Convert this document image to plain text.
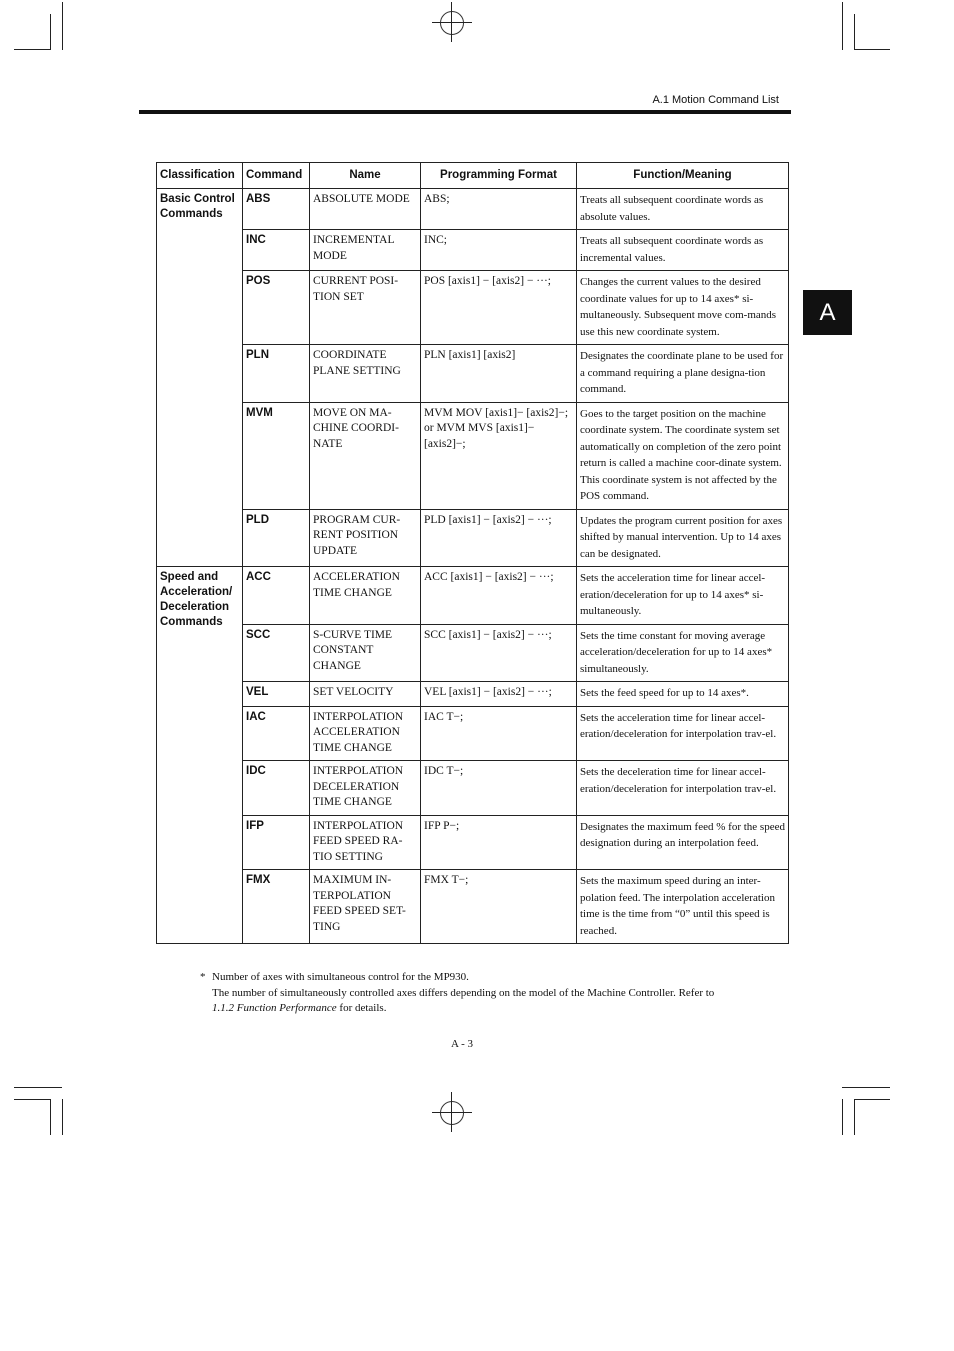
A.1 Motion Command List
A
Classification	Command	Name	Programming Format	Function/Meaning
Basic Control Commands	ABS	ABSOLUTE MODE	ABS;	Treats all subsequent coordinate words as absolute values.
	INC	INCREMENTAL MODE	INC;	Treats all subsequent coordinate words as incremental values.
	POS	CURRENT POSI-TION SET	POS [axis1] − [axis2] − ···;	Changes the current values to the desired coordinate values for up to 14 axes* si-multaneously. Subsequent move com-mands use this new coordinate system.
	PLN	COORDINATE PLANE SETTING	PLN [axis1] [axis2]	Designates the coordinate plane to be used for a command requiring a plane designa-tion command.
	MVM	MOVE ON MA-CHINE COORDI-NATE	MVM MOV [axis1]− [axis2]−; or MVM MVS [axis1]− [axis2]−;	Goes to the target position on the machine coordinate system. The coordinate system set automatically on completion of the zero point return is called a machine coor-dinate system. This coordinate system is not affected by the POS command.
	PLD	PROGRAM CUR-RENT POSITION UPDATE	PLD [axis1] − [axis2] − ···;	Updates the program current position for axes shifted by manual intervention. Up to 14 axes can be designated.
Speed and Acceleration/ Deceleration Commands	ACC	ACCELERATION TIME CHANGE	ACC [axis1] − [axis2] − ···;	Sets the acceleration time for linear accel-eration/deceleration for up to 14 axes* si-multaneously.
	SCC	S-CURVE TIME CONSTANT CHANGE	SCC [axis1] − [axis2] − ···;	Sets the time constant for moving average acceleration/deceleration for up to 14 axes* simultaneously.
	VEL	SET VELOCITY	VEL [axis1] − [axis2] − ···;	Sets the feed speed for up to 14 axes*.
	IAC	INTERPOLATION ACCELERATION TIME CHANGE	IAC T−;	Sets the acceleration time for linear accel-eration/deceleration for interpolation trav-el.
	IDC	INTERPOLATION DECELERATION TIME CHANGE	IDC T−;	Sets the deceleration time for linear accel-eration/deceleration for interpolation trav-el.
	IFP	INTERPOLATION FEED SPEED RA-TIO SETTING	IFP P−;	Designates the maximum feed % for the speed designation during an interpolation feed.
	FMX	MAXIMUM IN-TERPOLATION FEED SPEED SET-TING	FMX T−;	Sets the maximum speed during an inter-polation feed. The interpolation acceleration time is the time from “0” until this speed is reached.
* Number of axes with simultaneous control for the MP930.
The number of simultaneously controlled axes differs depending on the model of the Machine Controller. Refer to
1.1.2 Function Performance for details.
A - 3
